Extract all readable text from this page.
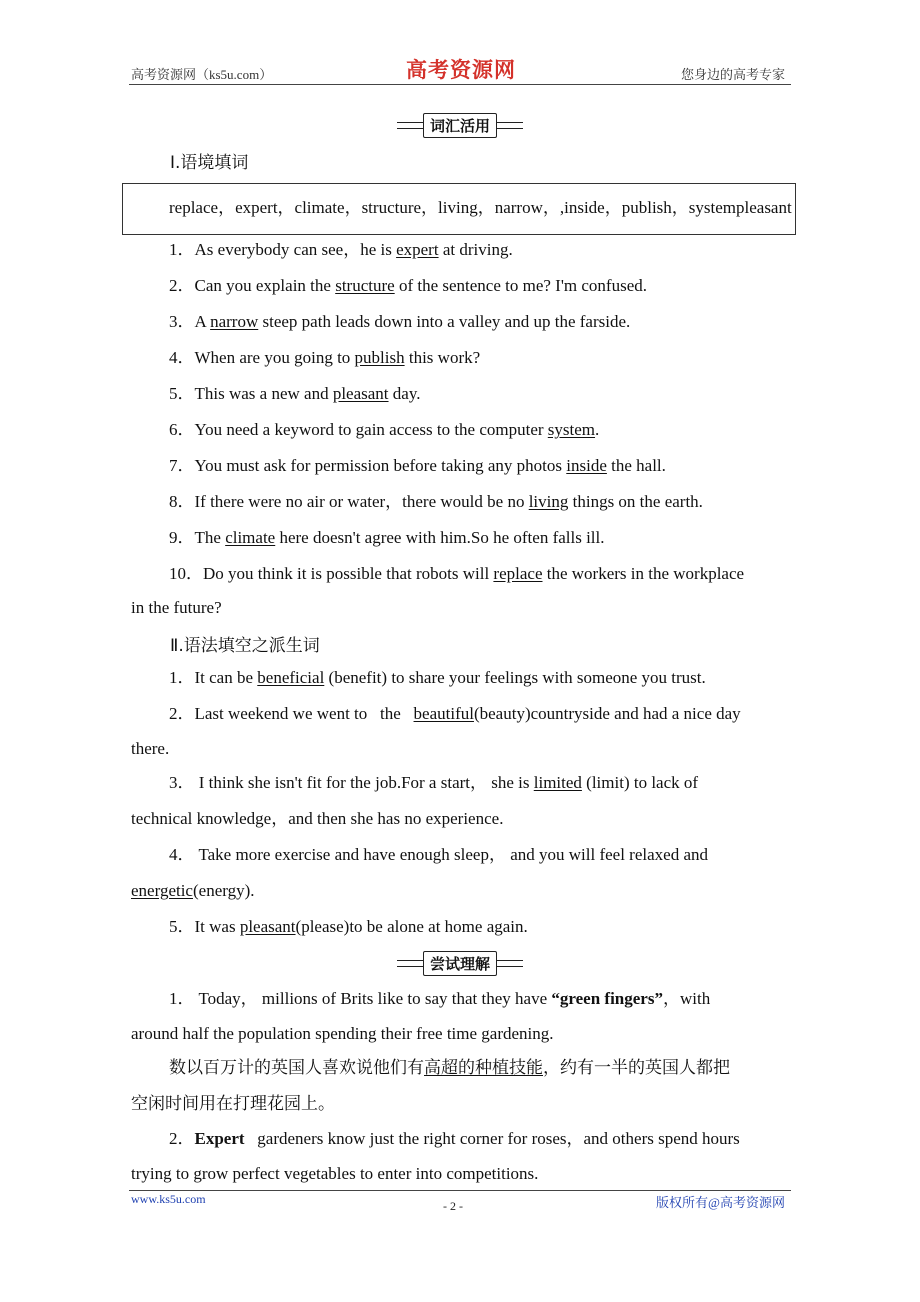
高考资源网（ks5u.com）	高考资源网	您身边的高考专家
词汇活用
Ⅰ.语境填词
replace，expert，climate，structure，living，narrow，,inside，publish，systempleasant
1．As everybody can see，he is expert at driving.
2．Can you explain the structure of the sentence to me? I'm confused.
3．A narrow steep path leads down into a valley and up the farside.
4．When are you going to publish this work?
5．This was a new and pleasant day.
6．You need a keyword to gain access to the computer system.
7．You must ask for permission before taking any photos inside the hall.
8．If there were no air or water，there would be no living things on the earth.
9．The climate here doesn't agree with him.So he often falls ill.
10．Do you think it is possible that robots will replace the workers in the workplace
in the future?
Ⅱ.语法填空之派生词
1．It can be beneficial (benefit) to share your feelings with someone you trust.
2．Last weekend we went to   the   beautiful(beauty)countryside and had a nice day
there.
3． I think she isn't fit for the job.For a start， she is limited (limit) to lack of
technical knowledge，and then she has no experience.
4． Take more exercise and have enough sleep， and you will feel relaxed and
energetic(energy).
5．It was pleasant(please)to be alone at home again.
尝试理解
1． Today， millions of Brits like to say that they have “green fingers”，with
around half the population spending their free time gardening.
数以百万计的英国人喜欢说他们有高超的种植技能，约有一半的英国人都把
空闲时间用在打理花园上。
2．Expert   gardeners know just the right corner for roses，and others spend hours
trying to grow perfect vegetables to enter into competitions.
www.ks5u.com	- 2 -	版权所有@高考资源网
